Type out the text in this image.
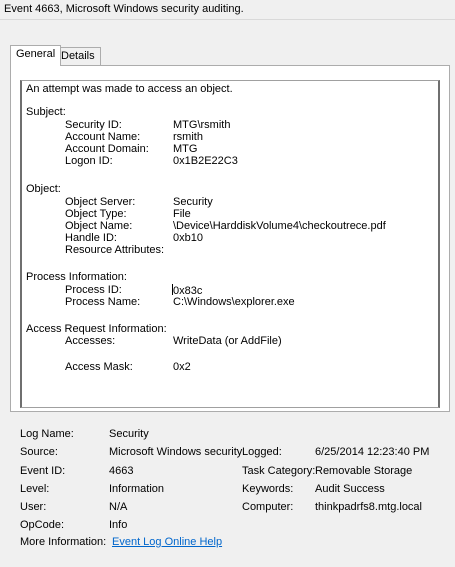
Event 4663, Microsoft Windows security auditing.
General Details
An attempt was made to access an object.
Subject:
Security ID:	MTG\rsmith
Account Name:	rsmith
Account Domain: MTG
Logon ID:	0x1B2E22C3
Object:
Object Server:	Security
Object Type:	File
Object Name:	\Device\HarddiskVolume4\checkoutrece.pdf
Handle ID:	0xb10
Resource Attributes:
Process Information:
Process ID:	0x83c
Process Name:	C:\Windows\explorer.exe
Access Request Information:
Accesses:	WriteData (or AddFile)
Access Mask:	0x2
Log Name:	Security
Source:	Microsoft Windows security Logged:	6/25/2014 12:23:40 PM
Event ID:	4663	Task Category: Removable Storage
Level:	Information	Keywords: Audit Success
User:	N/A	Computer: thinkpadrfs8.mtg.local
OpCode:	Info
More Information: Event Log Online Help
